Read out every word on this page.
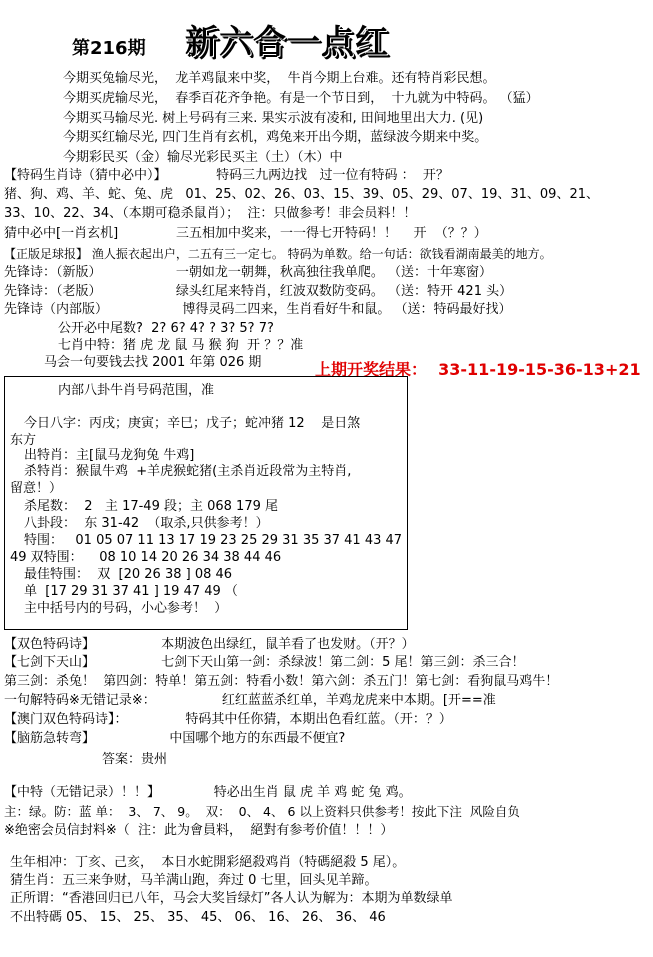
第216期 新六合一点红
今期买兔输尽光，  龙羊鸡鼠来中奖，  牛肖今期上台难。还有特肖彩民想。
今期买虎输尽光，  春季百花齐争艳。有是一个节日到，  十九就为中特码。 （猛）
今期买马输尽光. 树上号码有三来. 果实示波有凌和, 田间地里出大力. (见)
今期买红输尽光, 四门生肖有玄机，鸡兔来开出今期，蓝绿波今期来中奖。
今期彩民买（金）输尽光彩民买主（土）（木）中
【特码生肖诗（猜中必中）】            特码三九两边找   过一位有特码 ：  开？
猪、狗、鸡、羊、蛇、兔、虎   01、25、02、26、03、15、39、05、29、07、19、31、09、21、
33、10、22、34、（本期可稳杀鼠肖）；  注：只做参考！非会员料！！
猜中必中[一肖玄机]              三五相加中奖来，一一得七开特码！！    开  （？？）
【正版足球报】 渔人振衣起出户，二五有三一定七。 特码为单数。给一句话：欲钱看湖南最美的地方。
先锋诗：（新版）                  一朝如龙一朝舞，秋高独往我单爬。 （送：十年寒窗）
先锋诗：（老版）                  绿头红尾来特肖，红波双数防变码。 （送：特开 421 头）
先锋诗（内部版）                  博得灵码二四来，生肖看好牛和鼠。 （送：特码最好找）
公开必中尾数?  2? 6? 4? ? 3? 5? 7?
七肖中特：猪 虎 龙 鼠 马 猴 狗  开 ？？准
马会一句要钱去找 2001 年第 026 期	上期开奖结果：  33-11-19-15-36-13+21
内部八卦牛肖号码范围，准
今日八字：丙戌；庚寅；辛巳；戊子；蛇冲猪 12    是日煞
东方
出特肖：主[鼠马龙狗兔 牛鸡]
杀特肖：猴鼠牛鸡  +羊虎猴蛇猪(主杀肖近段常为主特肖,
留意！）
杀尾数：  2   主 17-49 段；主 068 179 尾
八卦段：  东 31-42  （取杀,只供参考！）
特围：   01 05 07 11 13 17 19 23 25 29 31 35 37 41 43 47
49 双特围：    08 10 14 20 26 34 38 44 46
最佳特围：  双  [20 26 38 ] 08 46
单  [17 29 31 37 41 ] 19 47 49 （
主中括号内的号码，小心参考！  ）
【双色特码诗】                本期波色出绿红，鼠羊看了也发财。（开？）
【七剑下天山】                七剑下天山第一剑：杀绿波！第二剑：5 尾！第三剑：杀三合！
第三剑：杀兔！  第四剑：特单！第五剑：特看小数！第六剑：杀五门！第七剑：看狗鼠马鸡牛！
一句解特码※无错记录※：                红红蓝蓝杀红单，羊鸡龙虎来中本期。[开==准
【澳门双色特码诗】：              特码其中任你猜，本期出色看红蓝。（开：？）
【脑筋急转弯】                  中国哪个地方的东西最不便宜?
答案：贵州
【中特（无错记录）！！】             特必出生肖 鼠 虎 羊 鸡 蛇 兔 鸡。
主：绿。防：蓝 单：  3、 7、 9。  双：  0、 4、 6 以上资料只供参考！按此下注  风险自负
※绝密会员信封料※（  注：此为會員料，  絕對有参考价值！！！）
生年相冲：丁亥、己亥，  本日水蛇開彩絕殺鸡肖（特碼絕殺 5 尾）。
猜生肖：五三来争财，马羊满山跑，奔过 0 七里，回头见羊蹄。
正所谓：“香港回归已八年，马会大奖旨绿灯”各人认为解为：本期为单数绿单
不出特碼 05、 15、 25、 35、 45、 06、 16、 26、 36、 46
